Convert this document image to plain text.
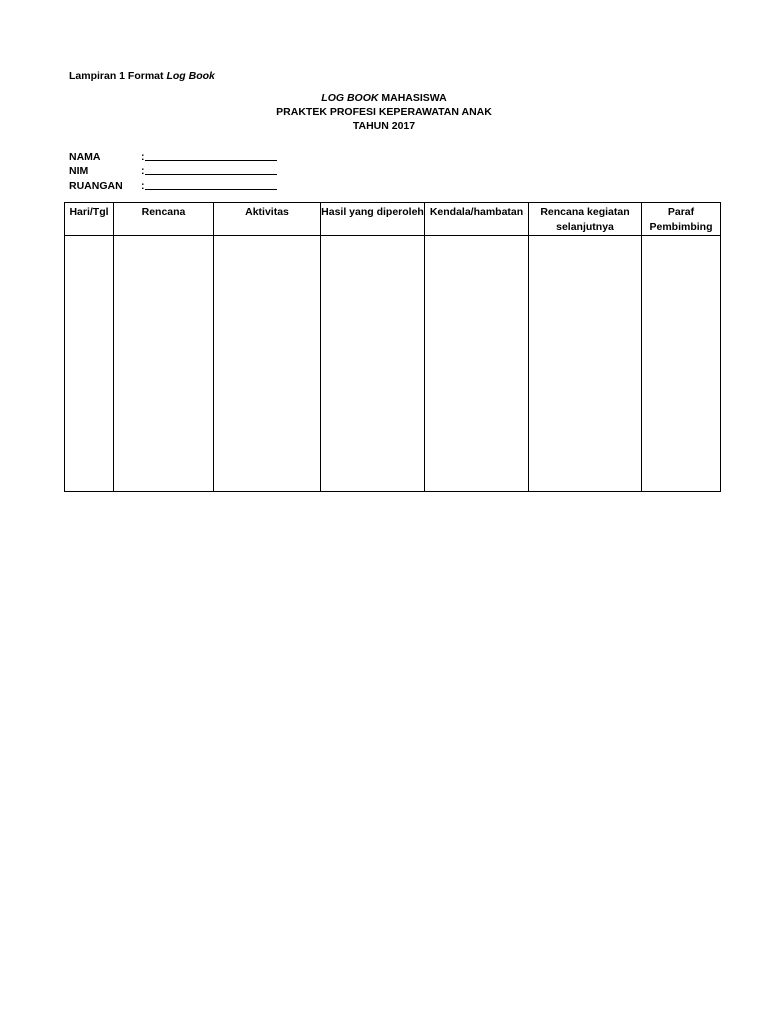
Lampiran 1 Format Log Book
LOG BOOK MAHASISWA
PRAKTEK PROFESI KEPERAWATAN ANAK
TAHUN 2017
NAMA	:
NIM	:
RUANGAN	:
Hari/Tgl	Rencana	Aktivitas	Hasil yang diperoleh	Kendala/hambatan	Rencana kegiatan selanjutnya	Paraf Pembimbing
